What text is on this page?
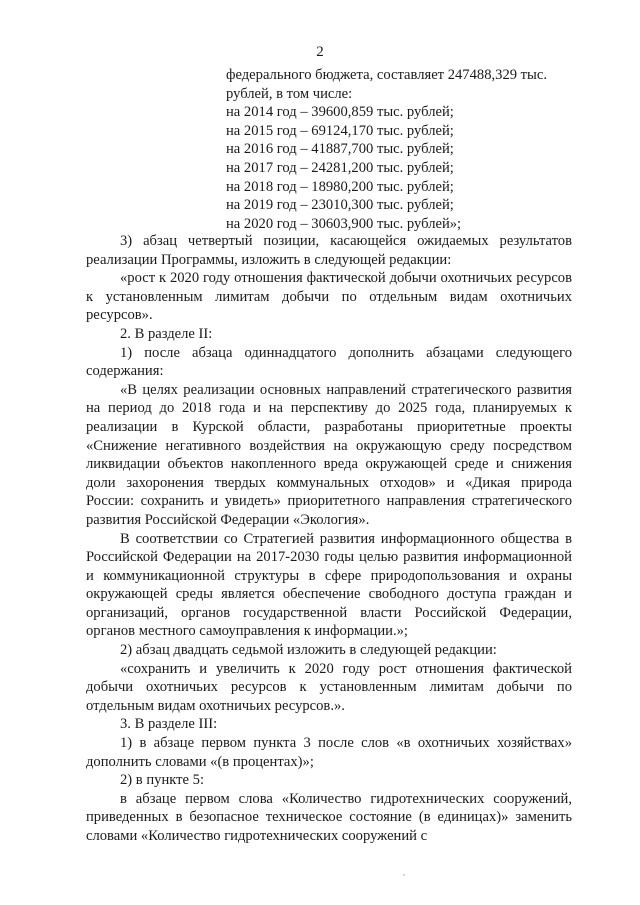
2

федерального бюджета, составляет 247488,329 тыс.

рублей, в том числе:

на 2014 год – 39600,859 тыс. рублей;

на 2015 год – 69124,170 тыс. рублей;

на 2016 год – 41887,700 тыс. рублей;

на 2017 год – 24281,200 тыс. рублей;

на 2018 год – 18980,200 тыс. рублей;

на 2019 год – 23010,300 тыс. рублей;

на 2020 год – 30603,900 тыс. рублей»;

3) абзац четвертый позиции, касающейся ожидаемых результатов реализации Программы, изложить в следующей редакции:

«рост к 2020 году отношения фактической добычи охотничьих ресурсов к установленным лимитам добычи по отдельным видам охотничьих ресурсов».

2. В разделе II:

1) после абзаца одиннадцатого дополнить абзацами следующего содержания:

«В целях реализации основных направлений стратегического развития на период до 2018 года и на перспективу до 2025 года, планируемых к реализации в Курской области, разработаны приоритетные проекты «Снижение негативного воздействия на окружающую среду посредством ликвидации объектов накопленного вреда окружающей среде и снижения доли захоронения твердых коммунальных отходов» и «Дикая природа России: сохранить и увидеть» приоритетного направления стратегического развития Российской Федерации «Экология».

В соответствии со Стратегией развития информационного общества в Российской Федерации на 2017-2030 годы целью развития информационной и коммуникационной структуры в сфере природопользования и охраны окружающей среды является обеспечение свободного доступа граждан и организаций, органов государственной власти Российской Федерации, органов местного самоуправления к информации.»;

2) абзац двадцать седьмой изложить в следующей редакции:

«сохранить и увеличить к 2020 году рост отношения фактической добычи охотничьих ресурсов к установленным лимитам добычи по отдельным видам охотничьих ресурсов.».

3. В разделе III:

1) в абзаце первом пункта 3 после слов «в охотничьих хозяйствах» дополнить словами «(в процентах)»;

2) в пункте 5:

в абзаце первом слова «Количество гидротехнических сооружений, приведенных в безопасное техническое состояние (в единицах)» заменить словами «Количество гидротехнических сооружений с
